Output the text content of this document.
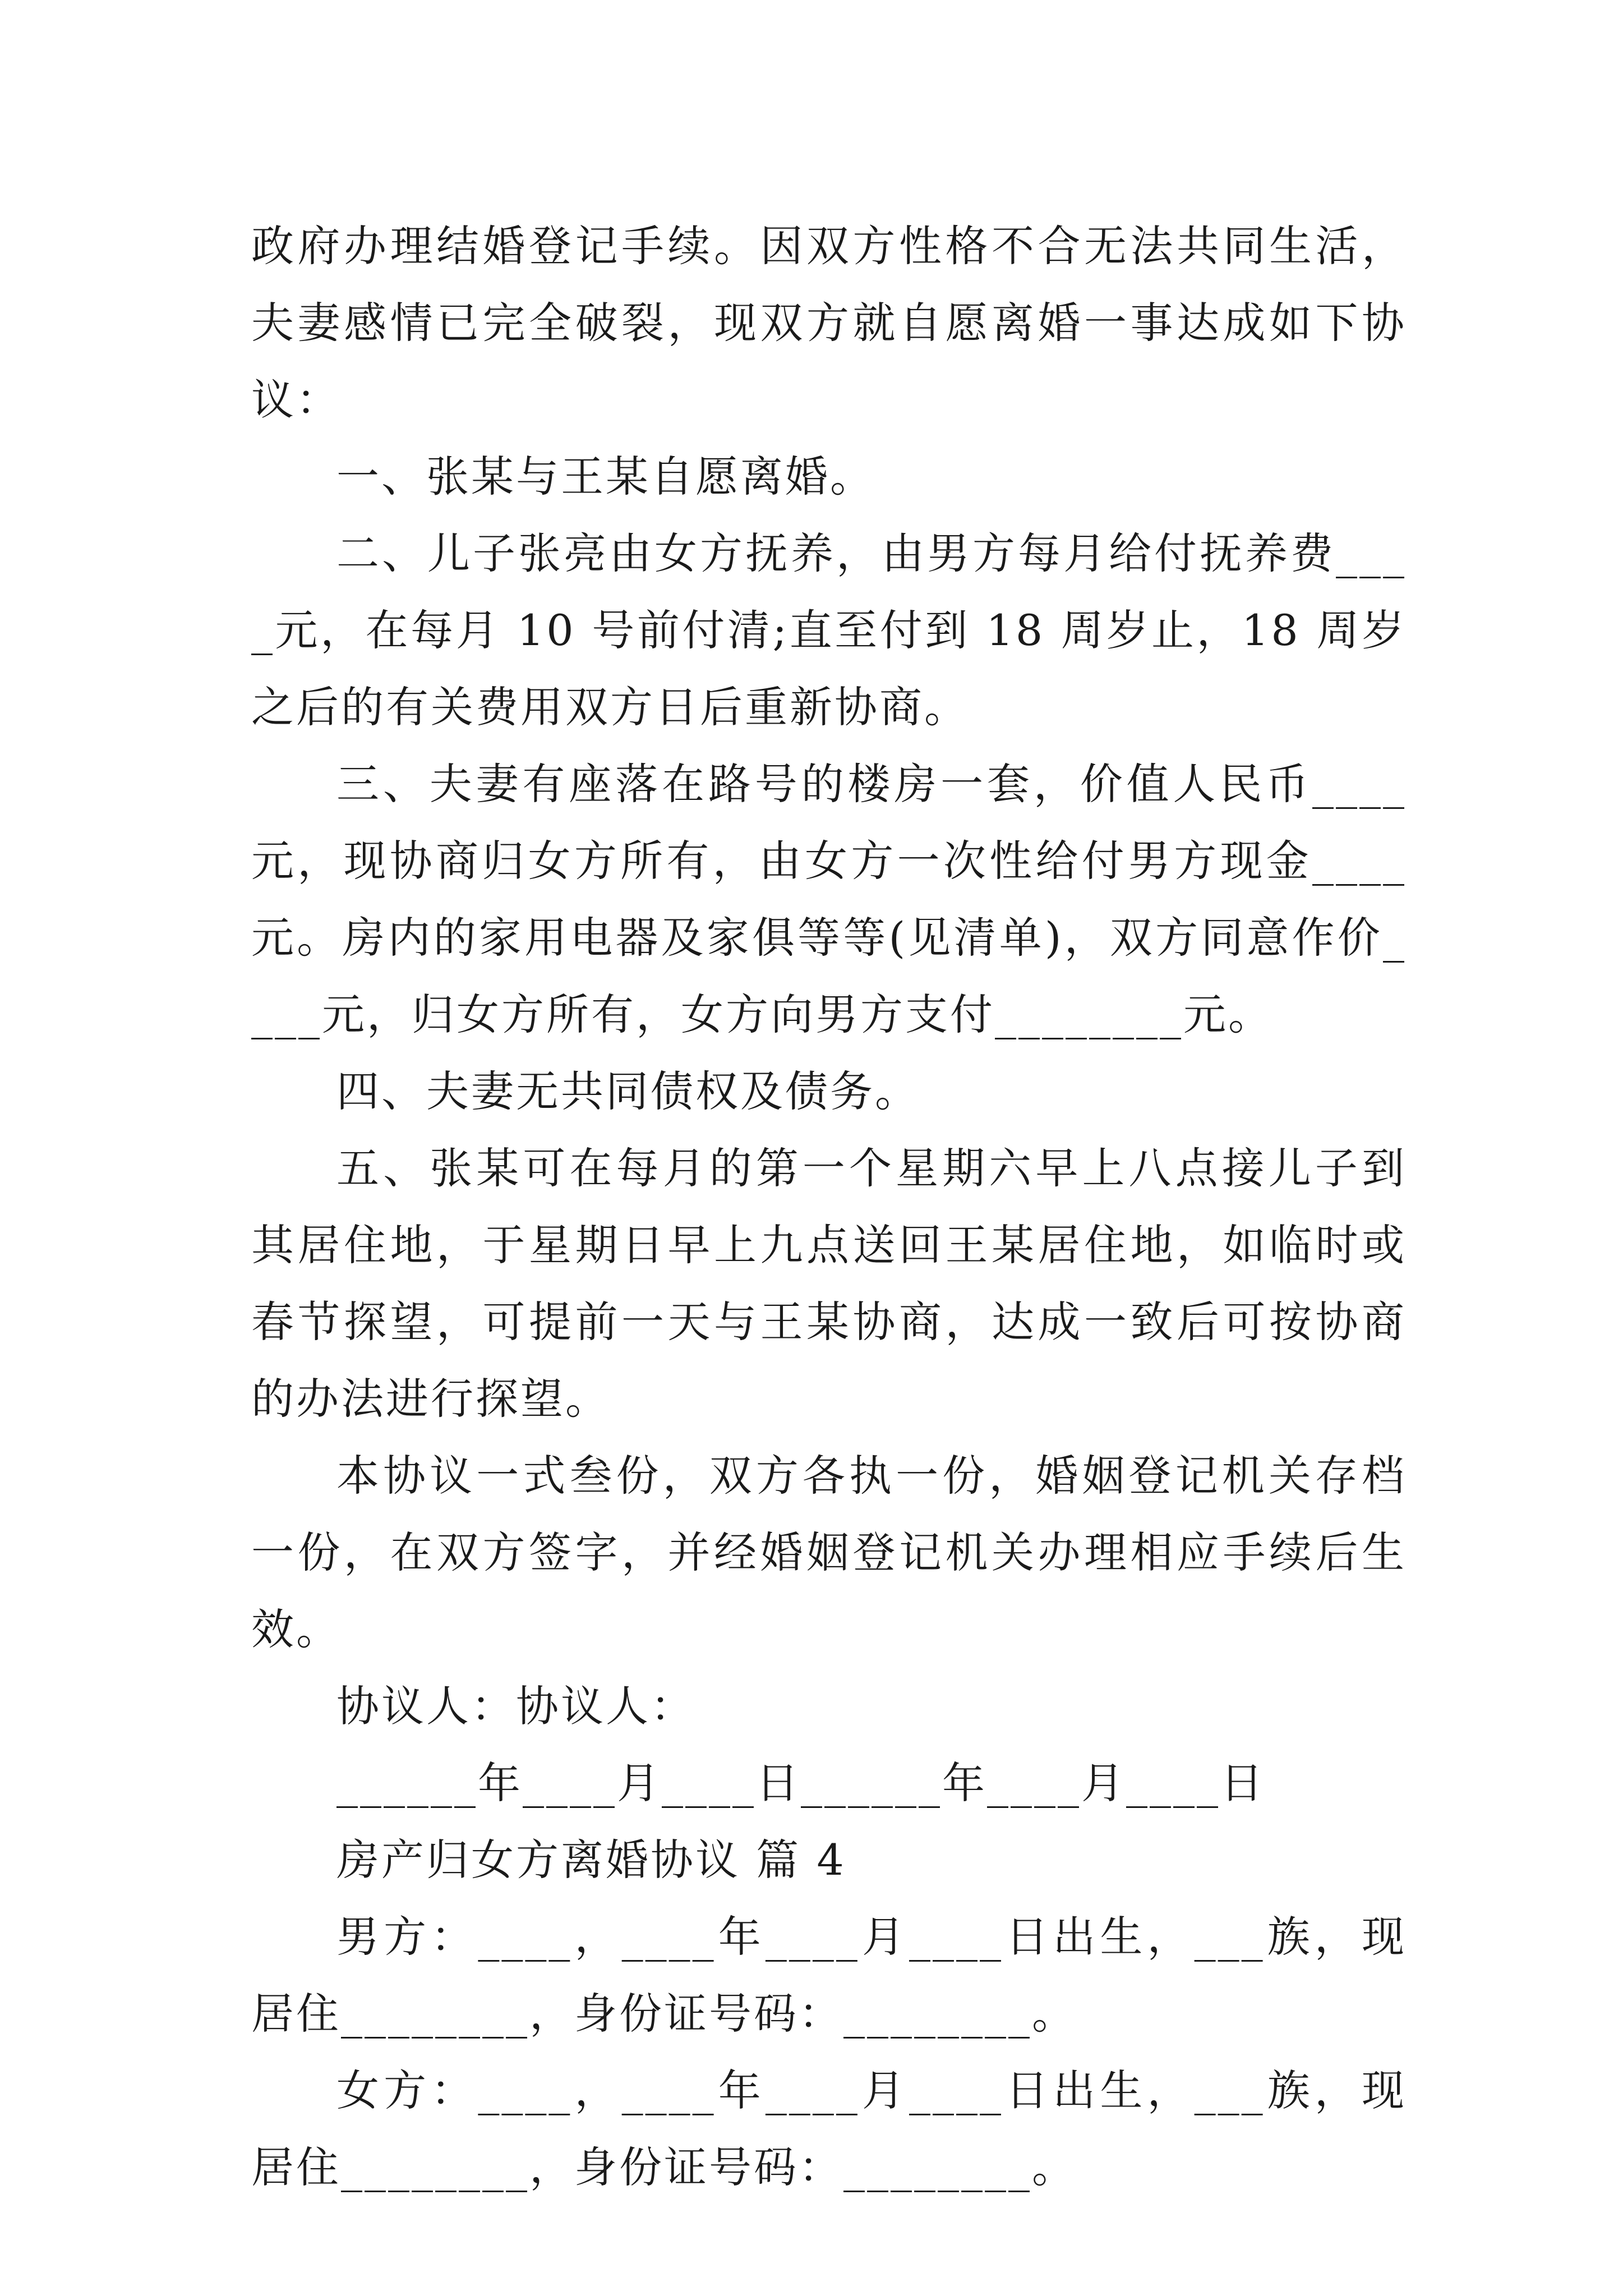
政府办理结婚登记手续。因双方性格不合无法共同生活，夫妻感情已完全破裂，现双方就自愿离婚一事达成如下协议：

一、张某与王某自愿离婚。

二、儿子张亮由女方抚养，由男方每月给付抚养费____元，在每月 10 号前付清;直至付到 18 周岁止，18 周岁之后的有关费用双方日后重新协商。

三、夫妻有座落在路号的楼房一套，价值人民币____元，现协商归女方所有，由女方一次性给付男方现金____元。房内的家用电器及家俱等等(见清单)，双方同意作价____元，归女方所有，女方向男方支付________元。

四、夫妻无共同债权及债务。

五、张某可在每月的第一个星期六早上八点接儿子到其居住地，于星期日早上九点送回王某居住地，如临时或春节探望，可提前一天与王某协商，达成一致后可按协商的办法进行探望。

本协议一式叁份，双方各执一份，婚姻登记机关存档一份，在双方签字，并经婚姻登记机关办理相应手续后生效。

协议人：协议人：

______年____月____日______年____月____日

房产归女方离婚协议 篇 4

男方：____，____年____月____日出生，___族，现居住________，身份证号码：________。

女方：____，____年____月____日出生，___族，现居住________，身份证号码：________。
